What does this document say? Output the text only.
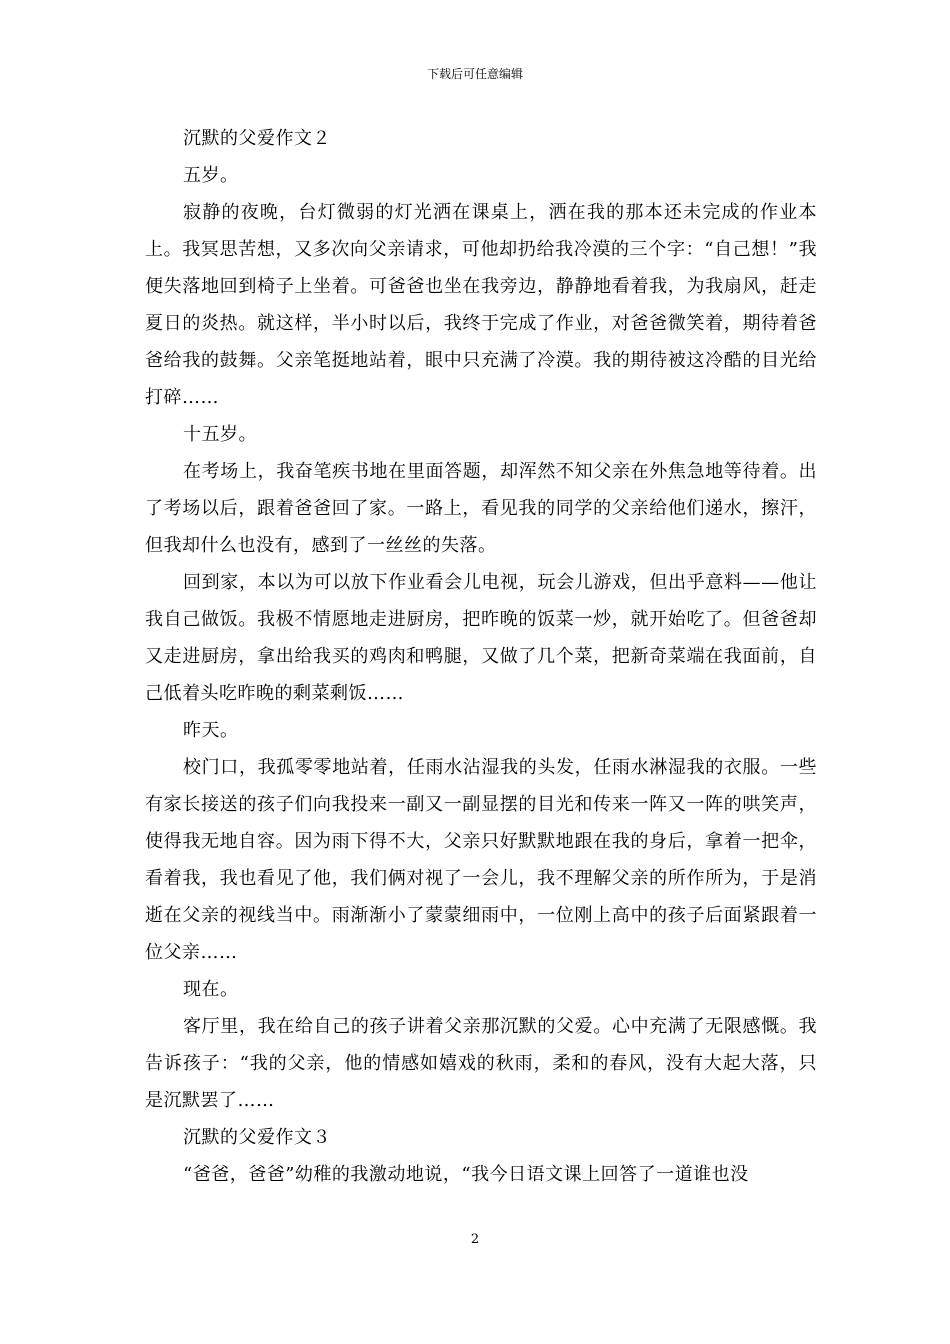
下载后可任意编辑

沉默的父爱作文２

五岁。

寂静的夜晚，台灯微弱的灯光洒在课桌上，洒在我的那本还未完成的作业本上。我冥思苦想，又多次向父亲请求，可他却扔给我冷漠的三个字：“自己想！”我便失落地回到椅子上坐着。可爸爸也坐在我旁边，静静地看着我，为我扇风，赶走夏日的炎热。就这样，半小时以后，我终于完成了作业，对爸爸微笑着，期待着爸爸给我的鼓舞。父亲笔挺地站着，眼中只充满了冷漠。我的期待被这冷酷的目光给打碎……

十五岁。

在考场上，我奋笔疾书地在里面答题，却浑然不知父亲在外焦急地等待着。出了考场以后，跟着爸爸回了家。一路上，看见我的同学的父亲给他们递水，擦汗，但我却什么也没有，感到了一丝丝的失落。

回到家，本以为可以放下作业看会儿电视，玩会儿游戏，但出乎意料——他让我自己做饭。我极不情愿地走进厨房，把昨晚的饭菜一炒，就开始吃了。但爸爸却又走进厨房，拿出给我买的鸡肉和鸭腿，又做了几个菜，把新奇菜端在我面前，自己低着头吃昨晚的剩菜剩饭……

昨天。

校门口，我孤零零地站着，任雨水沾湿我的头发，任雨水淋湿我的衣服。一些有家长接送的孩子们向我投来一副又一副显摆的目光和传来一阵又一阵的哄笑声，使得我无地自容。因为雨下得不大，父亲只好默默地跟在我的身后，拿着一把伞，看着我，我也看见了他，我们俩对视了一会儿，我不理解父亲的所作所为，于是消逝在父亲的视线当中。雨渐渐小了蒙蒙细雨中，一位刚上高中的孩子后面紧跟着一位父亲……

现在。

客厅里，我在给自己的孩子讲着父亲那沉默的父爱。心中充满了无限感慨。我告诉孩子：“我的父亲，他的情感如嬉戏的秋雨，柔和的春风，没有大起大落，只是沉默罢了……

沉默的父爱作文３

“爸爸，爸爸”幼稚的我激动地说，“我今日语文课上回答了一道谁也没

2
